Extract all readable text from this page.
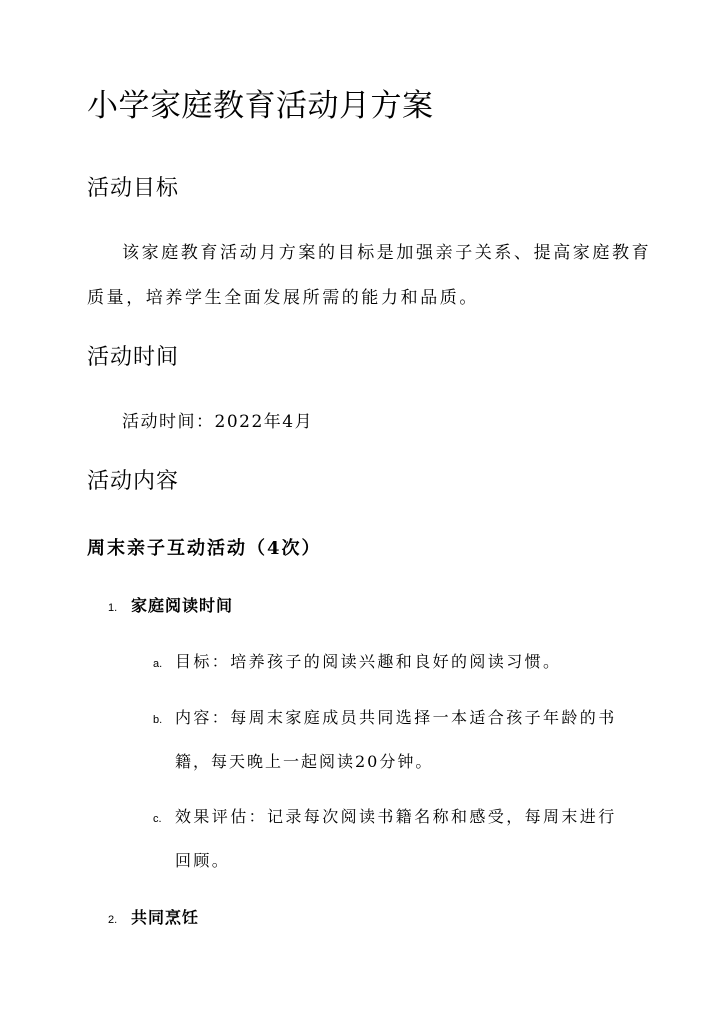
小学家庭教育活动月方案
活动目标
该家庭教育活动月方案的目标是加强亲子关系、提高家庭教育
质量，培养学生全面发展所需的能力和品质。
活动时间
活动时间：2022年4月
活动内容
周末亲子互动活动（4次）
1. 家庭阅读时间
a. 目标：培养孩子的阅读兴趣和良好的阅读习惯。
b. 内容：每周末家庭成员共同选择一本适合孩子年龄的书
籍，每天晚上一起阅读20分钟。
c. 效果评估：记录每次阅读书籍名称和感受，每周末进行
回顾。
2. 共同烹饪
